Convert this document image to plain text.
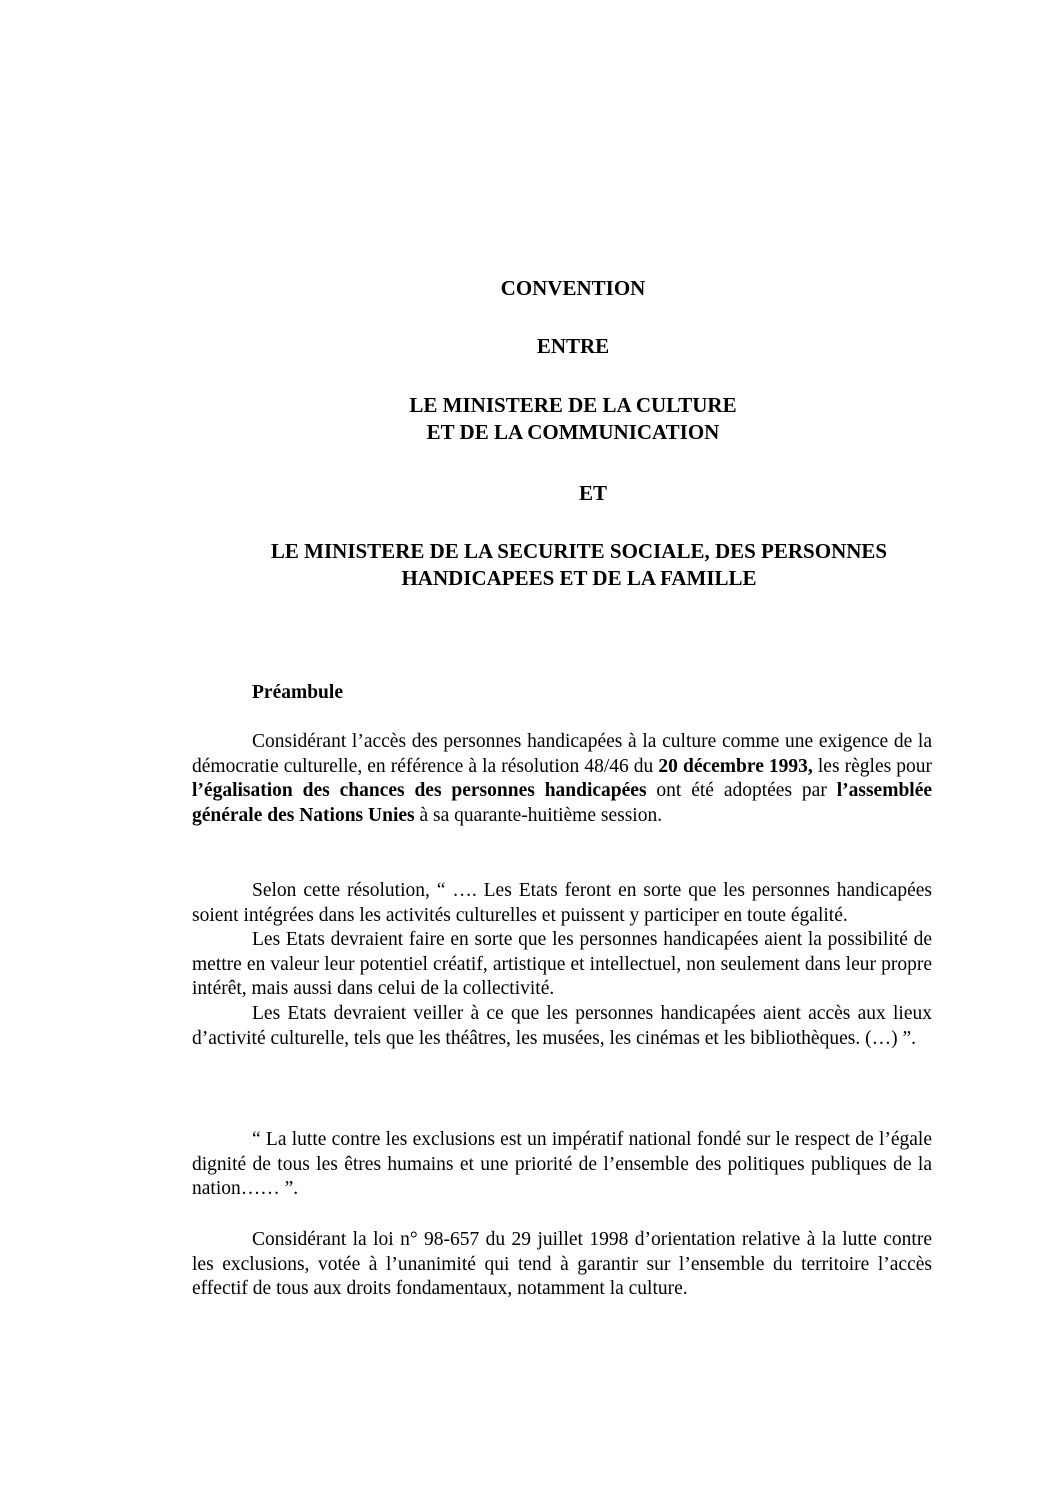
CONVENTION
ENTRE
LE MINISTERE DE LA CULTURE
ET DE LA COMMUNICATION
ET
LE MINISTERE DE LA SECURITE SOCIALE, DES PERSONNES
HANDICAPEES ET DE LA FAMILLE
Préambule

Considérant l’accès des personnes handicapées à la culture comme une exigence de la démocratie culturelle, en référence à la résolution 48/46 du 20 décembre 1993, les règles pour l’égalisation des chances des personnes handicapées ont été adoptées par l’assemblée générale des Nations Unies à sa quarante-huitième session.

Selon cette résolution, “ …. Les Etats feront en sorte que les personnes handicapées soient intégrées dans les activités culturelles et puissent y participer en toute égalité.

Les Etats devraient faire en sorte que les personnes handicapées aient la possibilité de mettre en valeur leur potentiel créatif, artistique et intellectuel, non seulement dans leur propre intérêt, mais aussi dans celui de la collectivité.

Les Etats devraient veiller à ce que les personnes handicapées aient accès aux lieux d’activité culturelle, tels que les théâtres, les musées, les cinémas et les bibliothèques. (…) ”.

“ La lutte contre les exclusions est un impératif national fondé sur le respect de l’égale dignité de tous les êtres humains et une priorité de l’ensemble des politiques publiques de la nation…… ”.

Considérant la loi n° 98-657 du 29 juillet 1998 d’orientation relative à la lutte contre les exclusions, votée à l’unanimité qui tend à garantir sur l’ensemble du territoire l’accès effectif de tous aux droits fondamentaux, notamment la culture.
